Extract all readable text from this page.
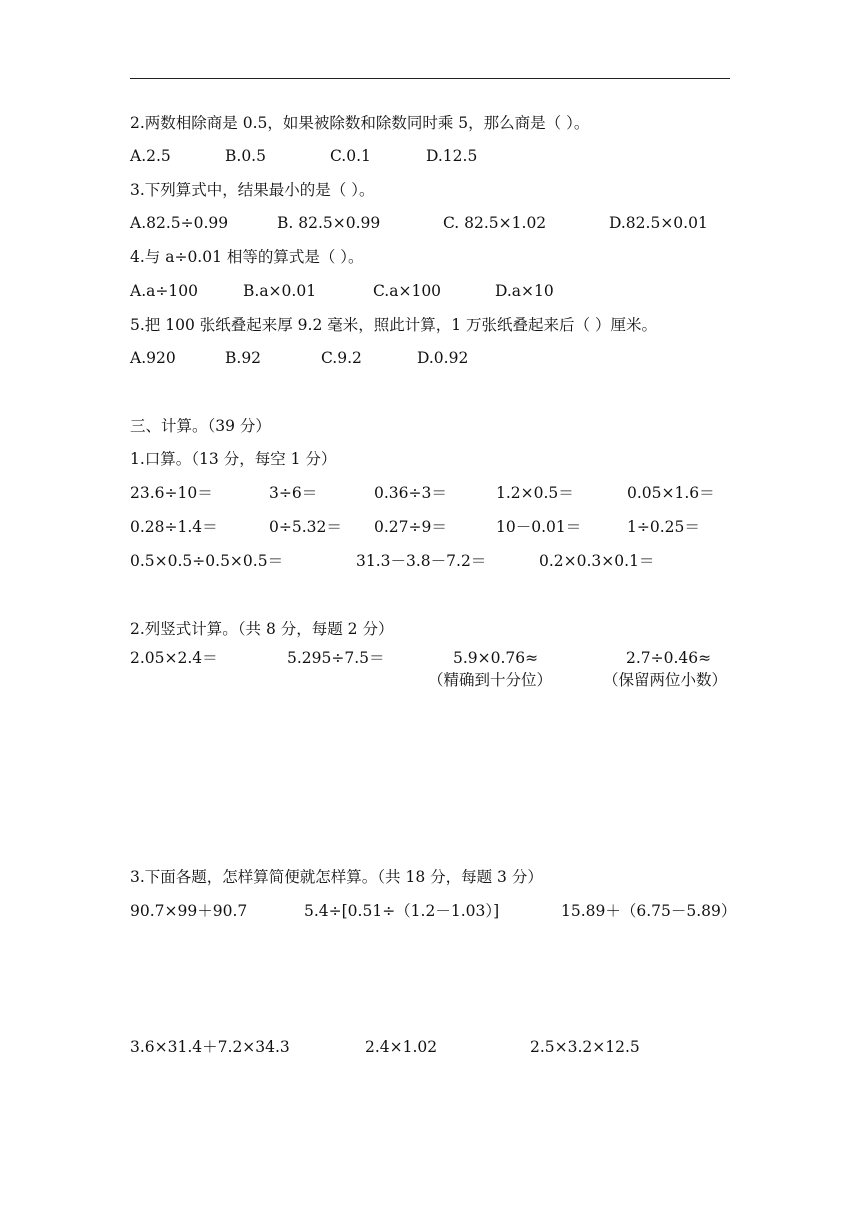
2.两数相除商是 0.5，如果被除数和除数同时乘 5，那么商是（ ）。
A.2.5	B.0.5	C.0.1	D.12.5
3.下列算式中，结果最小的是（ ）。
A.82.5÷0.99	B. 82.5×0.99	C. 82.5×1.02	D.82.5×0.01
4.与 a÷0.01 相等的算式是（ ）。
A.a÷100	B.a×0.01	C.a×100	D.a×10
5.把 100 张纸叠起来厚 9.2 毫米，照此计算，1 万张纸叠起来后（ ）厘米。
A.920	B.92	C.9.2	D.0.92
三、计算。（39 分）
1.口算。（13 分，每空 1 分）
23.6÷10＝	3÷6＝	0.36÷3＝	1.2×0.5＝	0.05×1.6＝
0.28÷1.4＝	0÷5.32＝ 0.27÷9＝	10－0.01＝	1÷0.25＝
0.5×0.5÷0.5×0.5＝	31.3－3.8－7.2＝	0.2×0.3×0.1＝
2.列竖式计算。（共 8 分，每题 2 分）
2.05×2.4＝	5.295÷7.5＝	5.9×0.76≈	2.7÷0.46≈
（精确到十分位）	（保留两位小数）
3.下面各题，怎样算简便就怎样算。（共 18 分，每题 3 分）
90.7×99＋90.7	5.4÷[0.51÷（1.2－1.03）]	15.89＋（6.75－5.89）
3.6×31.4＋7.2×34.3	2.4×1.02	2.5×3.2×12.5
